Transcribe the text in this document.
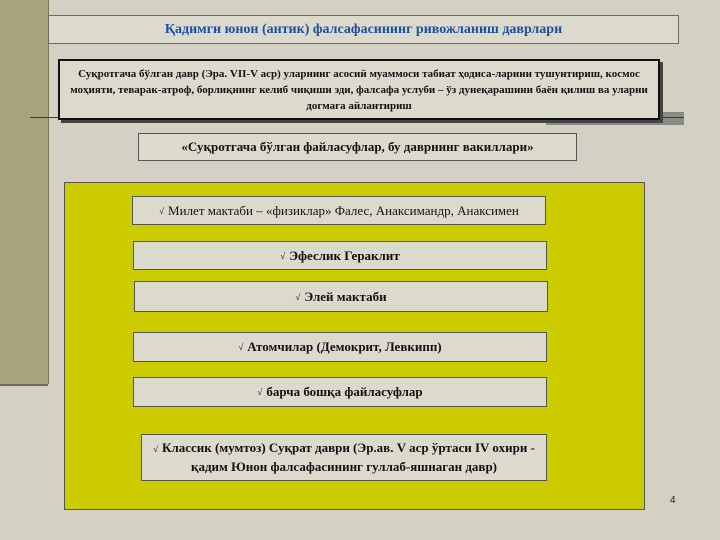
Қадимги юнон (антик) фалсафасининг ривожланиш даврлари
Суқротгача бўлган давр (Эра. VII-V аср) уларнинг асосий муаммоси табиат ҳодиса-ларини тушунтириш, космос моҳияти, теварак-атроф, борлиқнинг келиб чиқиши эди, фалсафа услуби – ўз дунеқарашини баён қилиш ва уларни догмага айлантириш
«Суқротгача бўлган файласуфлар, бу даврнинг вакиллари»
√ Милет мактаби – «физиклар» Фалес, Анаксимандр, Анаксимен
√ Эфеслик Гераклит
√ Элей мактаби
√ Атомчилар (Демокрит, Левкипп)
√ барча бошқа файласуфлар
√ Классик (мумтоз) Суқрат даври (Эр.ав. V аср ўртаси IV охири - қадим Юнон фалсафасининг гуллаб-яшнаган давр)
4
